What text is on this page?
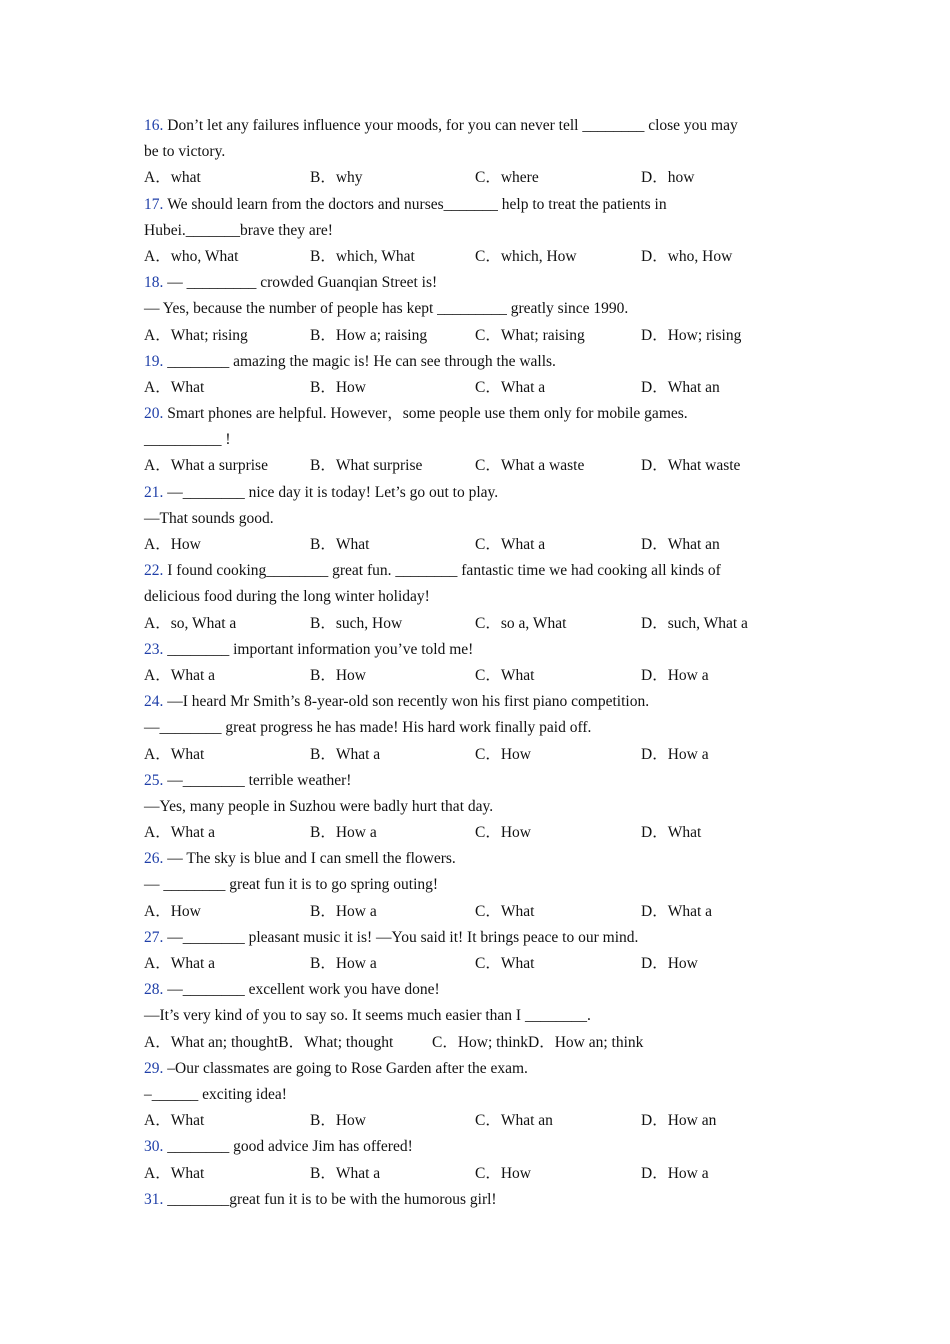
16. Don’t let any failures influence your moods, for you can never tell ________ close you may
be to victory.
A．what	B．why	C．where	D．how
17. We should learn from the doctors and nurses_______ help to treat the patients in
Hubei._______brave they are!
A．who, What	B．which, What	C．which, How	D．who, How
18. — _________ crowded Guanqian Street is!
— Yes, because the number of people has kept _________ greatly since 1990.
A．What; rising	B．How a; raising	C．What; raising	D．How; rising
19. ________ amazing the magic is! He can see through the walls.
A．What	B．How	C．What a	D．What an
20. Smart phones are helpful. However，some people use them only for mobile games.
__________ !
A．What a surprise	B．What surprise	C．What a waste	D．What waste
21. —________ nice day it is today! Let’s go out to play.
—That sounds good.
A．How	B．What	C．What a	D．What an
22. I found cooking________ great fun. ________ fantastic time we had cooking all kinds of
delicious food during the long winter holiday!
A．so, What a	B．such, How	C．so a, What	D．such, What a
23. ________ important information you’ve told me!
A．What a	B．How	C．What	D．How a
24. —I heard Mr Smith’s 8-year-old son recently won his first piano competition.
—________ great progress he has made! His hard work finally paid off.
A．What	B．What a	C．How	D．How a
25. —________ terrible weather!
—Yes, many people in Suzhou were badly hurt that day.
A．What a	B．How a	C．How	D．What
26. — The sky is blue and I can smell the flowers.
— ________ great fun it is to go spring outing!
A．How	B．How a	C．What	D．What a
27. —________ pleasant music it is! —You said it! It brings peace to our mind.
A．What a	B．How a	C．What	D．How
28. —________ excellent work you have done!
—It’s very kind of you to say so. It seems much easier than I ________.
A．What an; thoughtB．What; thought          C．How; thinkD．How an; think
29. –Our classmates are going to Rose Garden after the exam.
–______ exciting idea!
A．What	B．How	C．What an	D．How an
30. ________ good advice Jim has offered!
A．What	B．What a	C．How	D．How a
31. ________great fun it is to be with the humorous girl!
